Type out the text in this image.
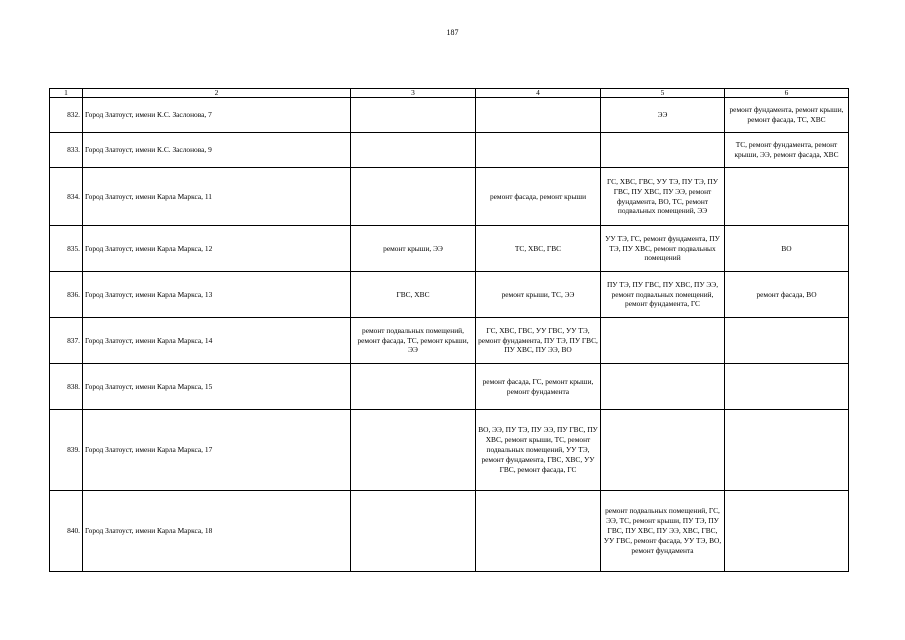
187
1	2	3	4	5	6
832.	Город Златоуст, имени К.С. Заслонова, 7			ЭЭ	ремонт фундамента, ремонт крыши, ремонт фасада, ТС, ХВС
833.	Город Златоуст, имени К.С. Заслонова, 9				ТС, ремонт фундамента, ремонт крыши, ЭЭ, ремонт фасада, ХВС
834.	Город Златоуст, имени Карла Маркса, 11		ремонт фасада, ремонт крыши	ГС, ХВС, ГВС, УУ ТЭ, ПУ ТЭ, ПУ ГВС, ПУ ХВС, ПУ ЭЭ, ремонт фундамента, ВО, ТС, ремонт подвальных помещений, ЭЭ	
835.	Город Златоуст, имени Карла Маркса, 12	ремонт крыши, ЭЭ	ТС, ХВС, ГВС	УУ ТЭ, ГС, ремонт фундамента, ПУ ТЭ, ПУ ХВС, ремонт подвальных помещений	ВО
836.	Город Златоуст, имени Карла Маркса, 13	ГВС, ХВС	ремонт крыши, ТС, ЭЭ	ПУ ТЭ, ПУ ГВС, ПУ ХВС, ПУ ЭЭ, ремонт подвальных помещений, ремонт фундамента, ГС	ремонт фасада, ВО
837.	Город Златоуст, имени Карла Маркса, 14	ремонт подвальных помещений, ремонт фасада, ТС, ремонт крыши, ЭЭ	ГС, ХВС, ГВС, УУ ГВС, УУ ТЭ, ремонт фундамента, ПУ ТЭ, ПУ ГВС, ПУ ХВС, ПУ ЭЭ, ВО		
838.	Город Златоуст, имени Карла Маркса, 15		ремонт фасада, ГС, ремонт крыши, ремонт фундамента		
839.	Город Златоуст, имени Карла Маркса, 17		ВО, ЭЭ, ПУ ТЭ, ПУ ЭЭ, ПУ ГВС, ПУ ХВС, ремонт крыши, ТС, ремонт подвальных помещений, УУ ТЭ, ремонт фундамента, ГВС, ХВС, УУ ГВС, ремонт фасада, ГС		
840.	Город Златоуст, имени Карла Маркса, 18			ремонт подвальных помещений, ГС, ЭЭ, ТС, ремонт крыши, ПУ ТЭ, ПУ ГВС, ПУ ХВС, ПУ ЭЭ, ХВС, ГВС, УУ ГВС, ремонт фасада, УУ ТЭ, ВО, ремонт фундамента	
